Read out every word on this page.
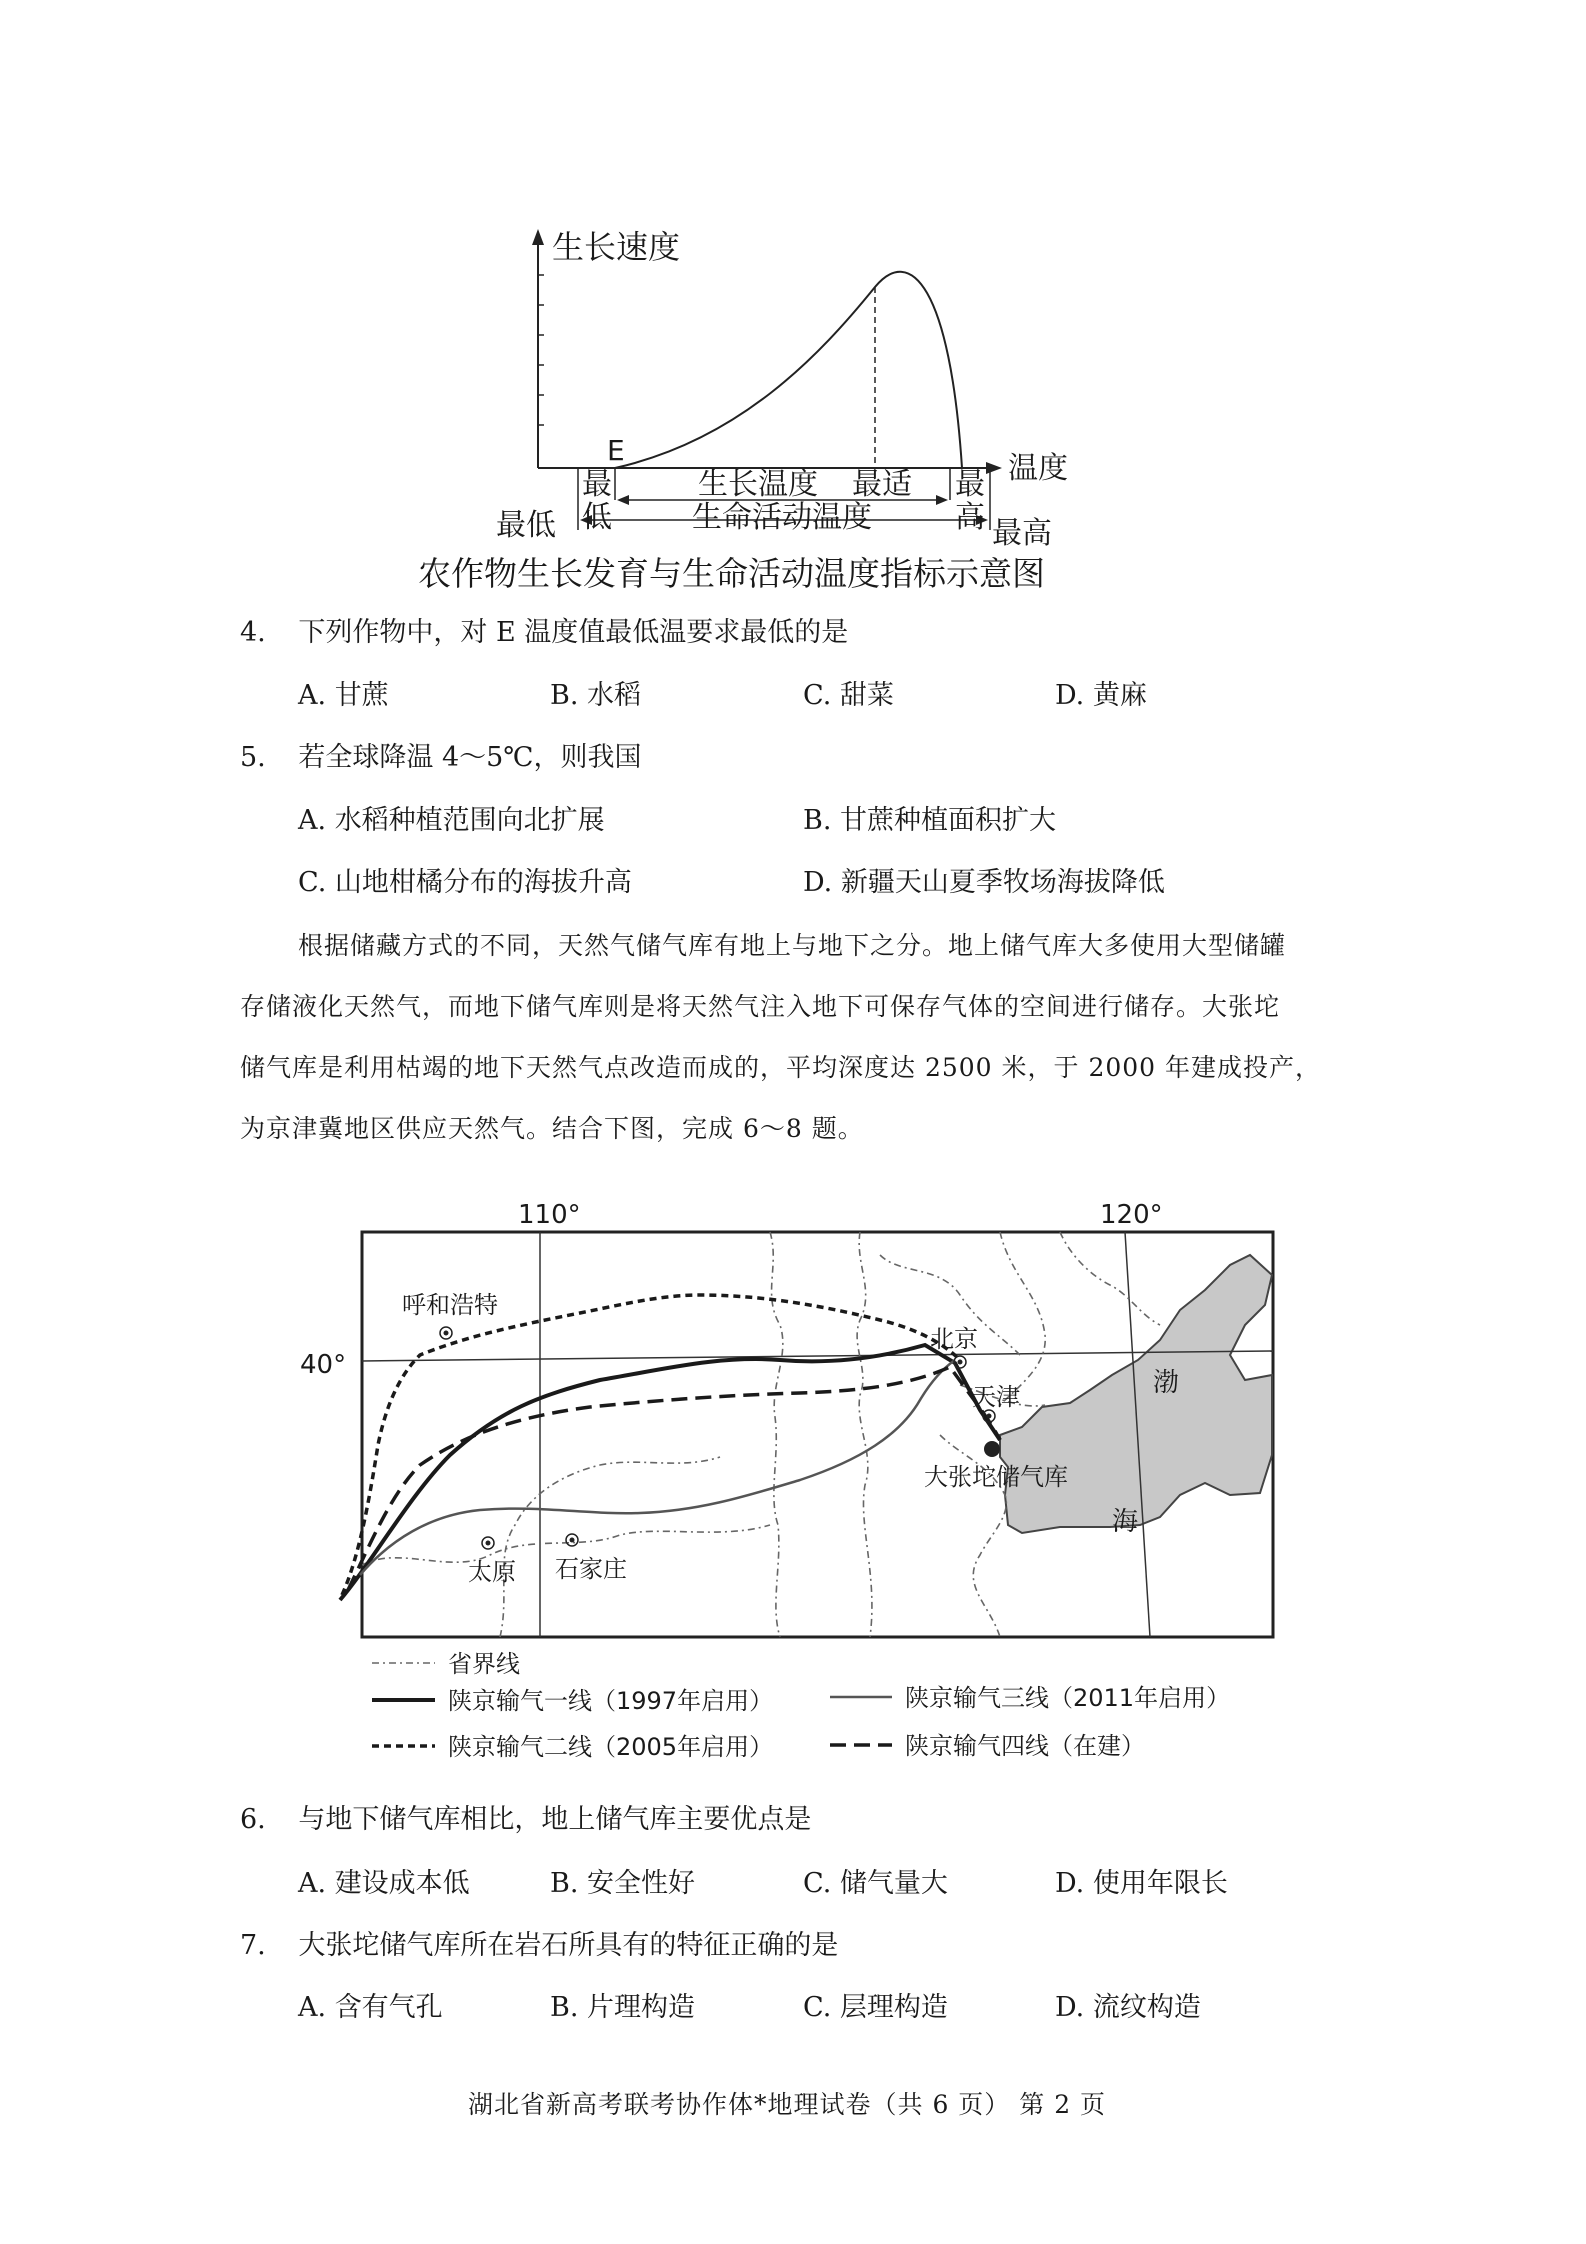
生长速度
温度
E
最
低
生长温度 最适 最
高
生命活动温度
最低	最高
农作物生长发育与生命活动温度指标示意图
4. 下列作物中，对 E 温度值最低温要求最低的是
A. 甘蔗	B. 水稻	C. 甜菜	D. 黄麻
5. 若全球降温 4～5℃，则我国
A. 水稻种植范围向北扩展	B. 甘蔗种植面积扩大
C. 山地柑橘分布的海拔升高	D. 新疆天山夏季牧场海拔降低
根据储藏方式的不同，天然气储气库有地上与地下之分。地上储气库大多使用大型储罐
存储液化天然气，而地下储气库则是将天然气注入地下可保存气体的空间进行储存。大张坨
储气库是利用枯竭的地下天然气点改造而成的，平均深度达 2500 米，于 2000 年建成投产，
为京津冀地区供应天然气。结合下图，完成 6～8 题。
110°	120°
40°
呼和浩特
北京
天津
大张坨储气库
太原 石家庄
渤
海
省界线
陕京输气一线（1997年启用）	陕京输气三线（2011年启用）
陕京输气二线（2005年启用）	陕京输气四线（在建）
6. 与地下储气库相比，地上储气库主要优点是
A. 建设成本低	B. 安全性好	C. 储气量大	D. 使用年限长
7. 大张坨储气库所在岩石所具有的特征正确的是
A. 含有气孔	B. 片理构造	C. 层理构造	D. 流纹构造
湖北省新高考联考协作体*地理试卷（共 6 页） 第 2 页
